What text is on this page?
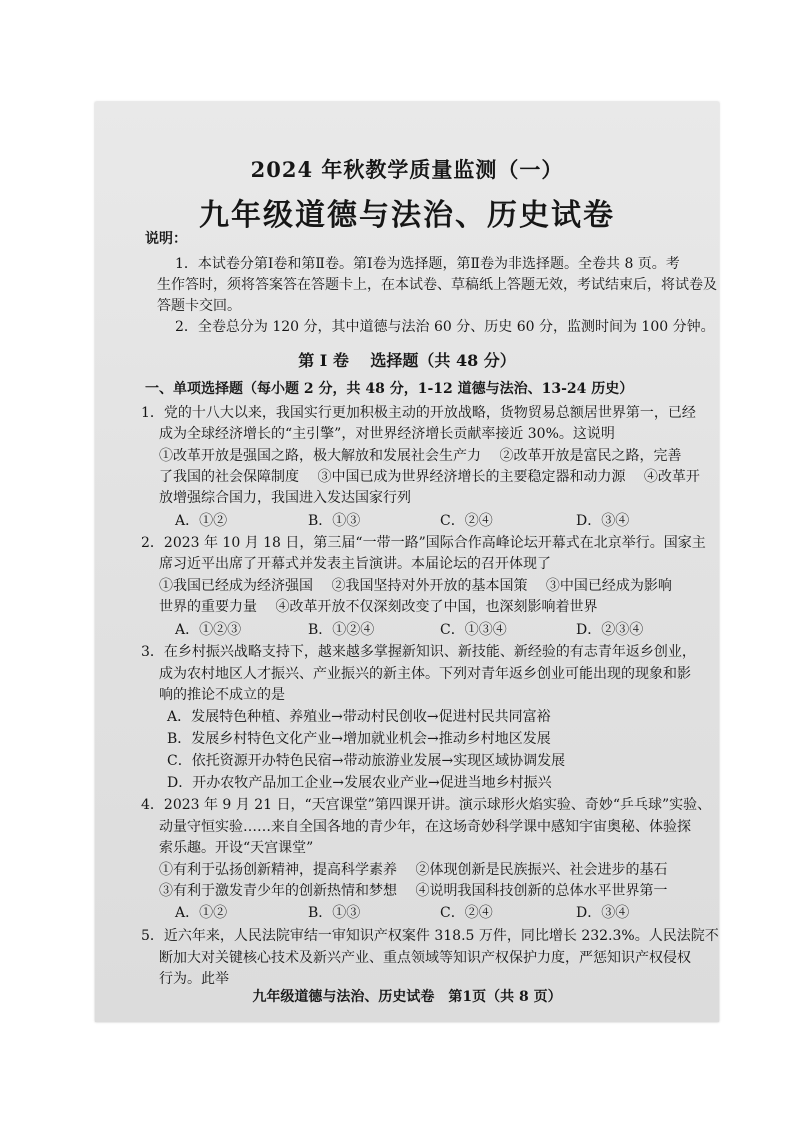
2024 年秋教学质量监测（一）
九年级道德与法治、历史试卷
说明：
1．本试卷分第Ⅰ卷和第Ⅱ卷。第Ⅰ卷为选择题，第Ⅱ卷为非选择题。全卷共 8 页。考
生作答时，须将答案答在答题卡上，在本试卷、草稿纸上答题无效，考试结束后，将试卷及
答题卡交回。
2．全卷总分为 120 分，其中道德与法治 60 分、历史 60 分，监测时间为 100 分钟。
第 Ⅰ 卷　 选择题（共 48 分）
一、单项选择题（每小题 2 分，共 48 分，1-12 道德与法治、13-24 历史）
1．党的十八大以来，我国实行更加积极主动的开放战略，货物贸易总额居世界第一，已经
成为全球经济增长的“主引擎”，对世界经济增长贡献率接近 30%。这说明
①改革开放是强国之路，极大解放和发展社会生产力　 ②改革开放是富民之路，完善
了我国的社会保障制度　 ③中国已成为世界经济增长的主要稳定器和动力源　 ④改革开
放增强综合国力，我国进入发达国家行列
A．①②	B．①③	C．②④	D．③④
2．2023 年 10 月 18 日，第三届“一带一路”国际合作高峰论坛开幕式在北京举行。国家主
席习近平出席了开幕式并发表主旨演讲。本届论坛的召开体现了
①我国已经成为经济强国　 ②我国坚持对外开放的基本国策　 ③中国已经成为影响
世界的重要力量　 ④改革开放不仅深刻改变了中国，也深刻影响着世界
A．①②③	B．①②④	C．①③④	D．②③④
3．在乡村振兴战略支持下，越来越多掌握新知识、新技能、新经验的有志青年返乡创业，
成为农村地区人才振兴、产业振兴的新主体。下列对青年返乡创业可能出现的现象和影
响的推论不成立的是
A．发展特色种植、养殖业→带动村民创收→促进村民共同富裕
B．发展乡村特色文化产业→增加就业机会→推动乡村地区发展
C．依托资源开办特色民宿→带动旅游业发展→实现区域协调发展
D．开办农牧产品加工企业→发展农业产业→促进当地乡村振兴
4．2023 年 9 月 21 日，“天宫课堂”第四课开讲。演示球形火焰实验、奇妙“乒乓球”实验、
动量守恒实验……来自全国各地的青少年，在这场奇妙科学课中感知宇宙奥秘、体验探
索乐趣。开设“天宫课堂”
①有利于弘扬创新精神，提高科学素养　 ②体现创新是民族振兴、社会进步的基石
③有利于激发青少年的创新热情和梦想　 ④说明我国科技创新的总体水平世界第一
A．①②	B．①③	C．②④	D．③④
5．近六年来，人民法院审结一审知识产权案件 318.5 万件，同比增长 232.3%。人民法院不
断加大对关键核心技术及新兴产业、重点领域等知识产权保护力度，严惩知识产权侵权
行为。此举
九年级道德与法治、历史试卷　第1页（共 8 页）
